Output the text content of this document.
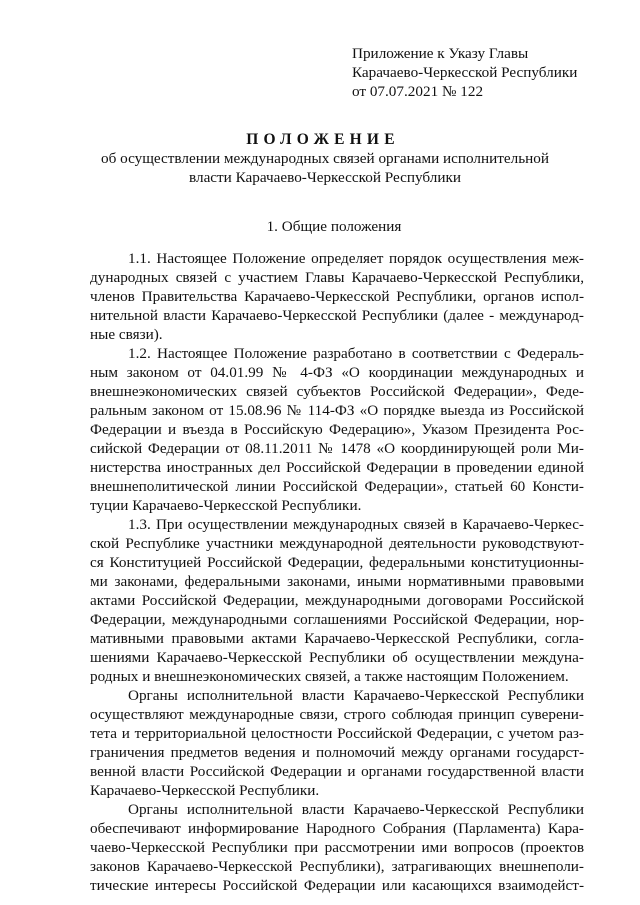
Приложение к Указу Главы
Карачаево-Черкесской Республики
от 07.07.2021 № 122
ПОЛОЖЕНИЕ
об осуществлении международных связей органами исполнительной
власти Карачаево-Черкесской Республики
1. Общие положения
1.1. Настоящее Положение определяет порядок осуществления меж-
дународных связей с участием Главы Карачаево-Черкесской Республики,
членов Правительства Карачаево-Черкесской Республики, органов испол-
нительной власти Карачаево-Черкесской Республики (далее - международ-
ные связи).
1.2. Настоящее Положение разработано в соответствии с Федераль-
ным законом от 04.01.99 № 4-ФЗ «О координации международных и
внешнеэкономических связей субъектов Российской Федерации», Феде-
ральным законом от 15.08.96 № 114-ФЗ «О порядке выезда из Российской
Федерации и въезда в Российскую Федерацию», Указом Президента Рос-
сийской Федерации от 08.11.2011 № 1478 «О координирующей роли Ми-
нистерства иностранных дел Российской Федерации в проведении единой
внешнеполитической линии Российской Федерации», статьей 60 Консти-
туции Карачаево-Черкесской Республики.
1.3. При осуществлении международных связей в Карачаево-Черкес-
ской Республике участники международной деятельности руководствуют-
ся Конституцией Российской Федерации, федеральными конституционны-
ми законами, федеральными законами, иными нормативными правовыми
актами Российской Федерации, международными договорами Российской
Федерации, международными соглашениями Российской Федерации, нор-
мативными правовыми актами Карачаево-Черкесской Республики, согла-
шениями Карачаево-Черкесской Республики об осуществлении междуна-
родных и внешнеэкономических связей, а также настоящим Положением.
Органы исполнительной власти Карачаево-Черкесской Республики
осуществляют международные связи, строго соблюдая принцип суверени-
тета и территориальной целостности Российской Федерации, с учетом раз-
граничения предметов ведения и полномочий между органами государст-
венной власти Российской Федерации и органами государственной власти
Карачаево-Черкесской Республики.
Органы исполнительной власти Карачаево-Черкесской Республики
обеспечивают информирование Народного Собрания (Парламента) Кара-
чаево-Черкесской Республики при рассмотрении ими вопросов (проектов
законов Карачаево-Черкесской Республики), затрагивающих внешнеполи-
тические интересы Российской Федерации или касающихся взаимодейст-
